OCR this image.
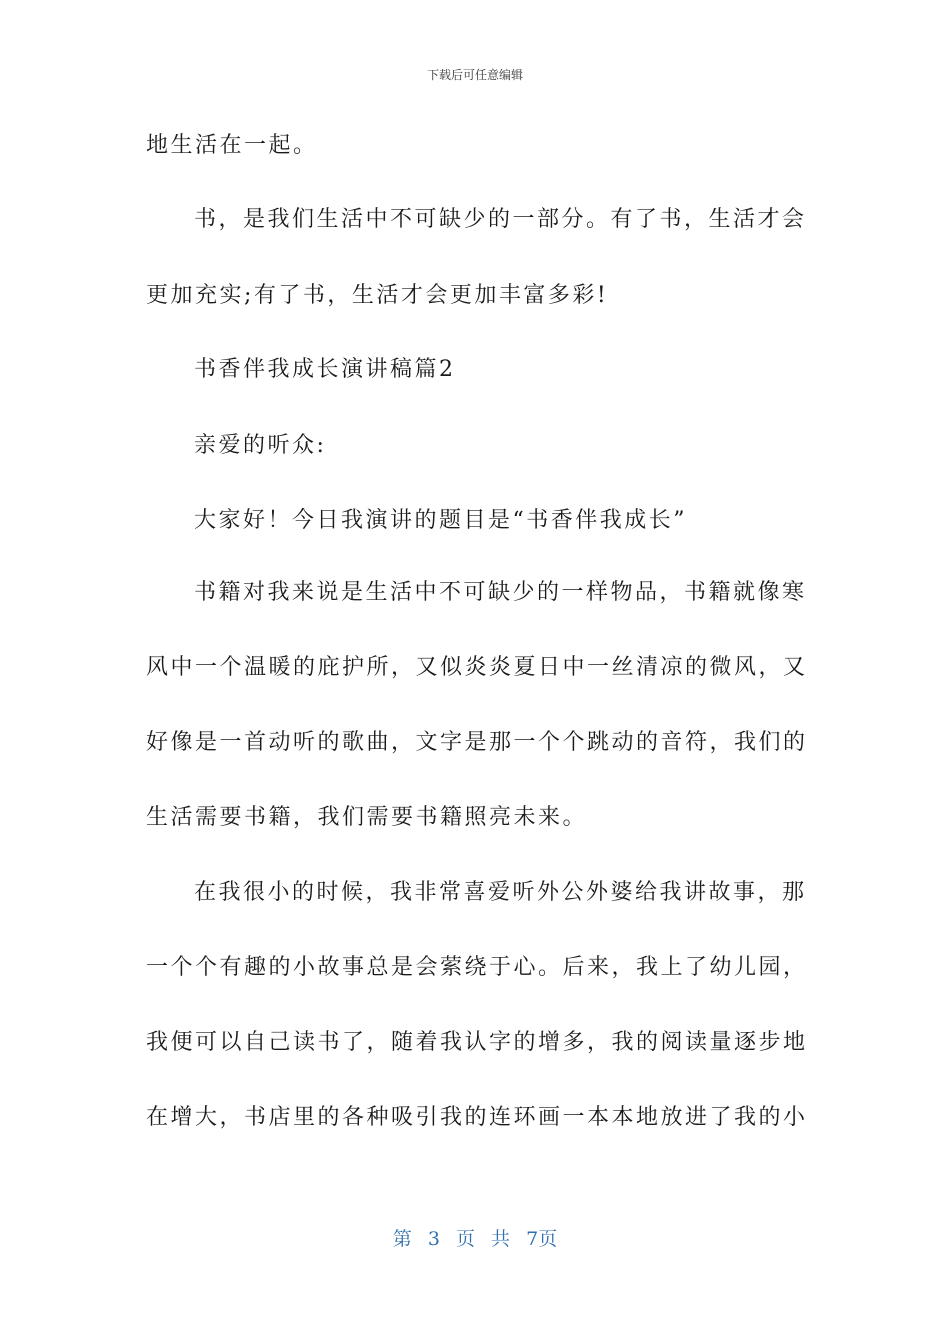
下载后可任意编辑
地生活在一起。
书，是我们生活中不可缺少的一部分。有了书，生活才会
更加充实;有了书，生活才会更加丰富多彩!
书香伴我成长演讲稿篇2
亲爱的听众:
大家好！今日我演讲的题目是“书香伴我成长”
书籍对我来说是生活中不可缺少的一样物品，书籍就像寒
风中一个温暖的庇护所，又似炎炎夏日中一丝清凉的微风，又
好像是一首动听的歌曲，文字是那一个个跳动的音符，我们的
生活需要书籍，我们需要书籍照亮未来。
在我很小的时候，我非常喜爱听外公外婆给我讲故事，那
一个个有趣的小故事总是会萦绕于心。后来，我上了幼儿园，
我便可以自己读书了，随着我认字的增多，我的阅读量逐步地
在增大，书店里的各种吸引我的连环画一本本地放进了我的小
第 3 页 共 7页
